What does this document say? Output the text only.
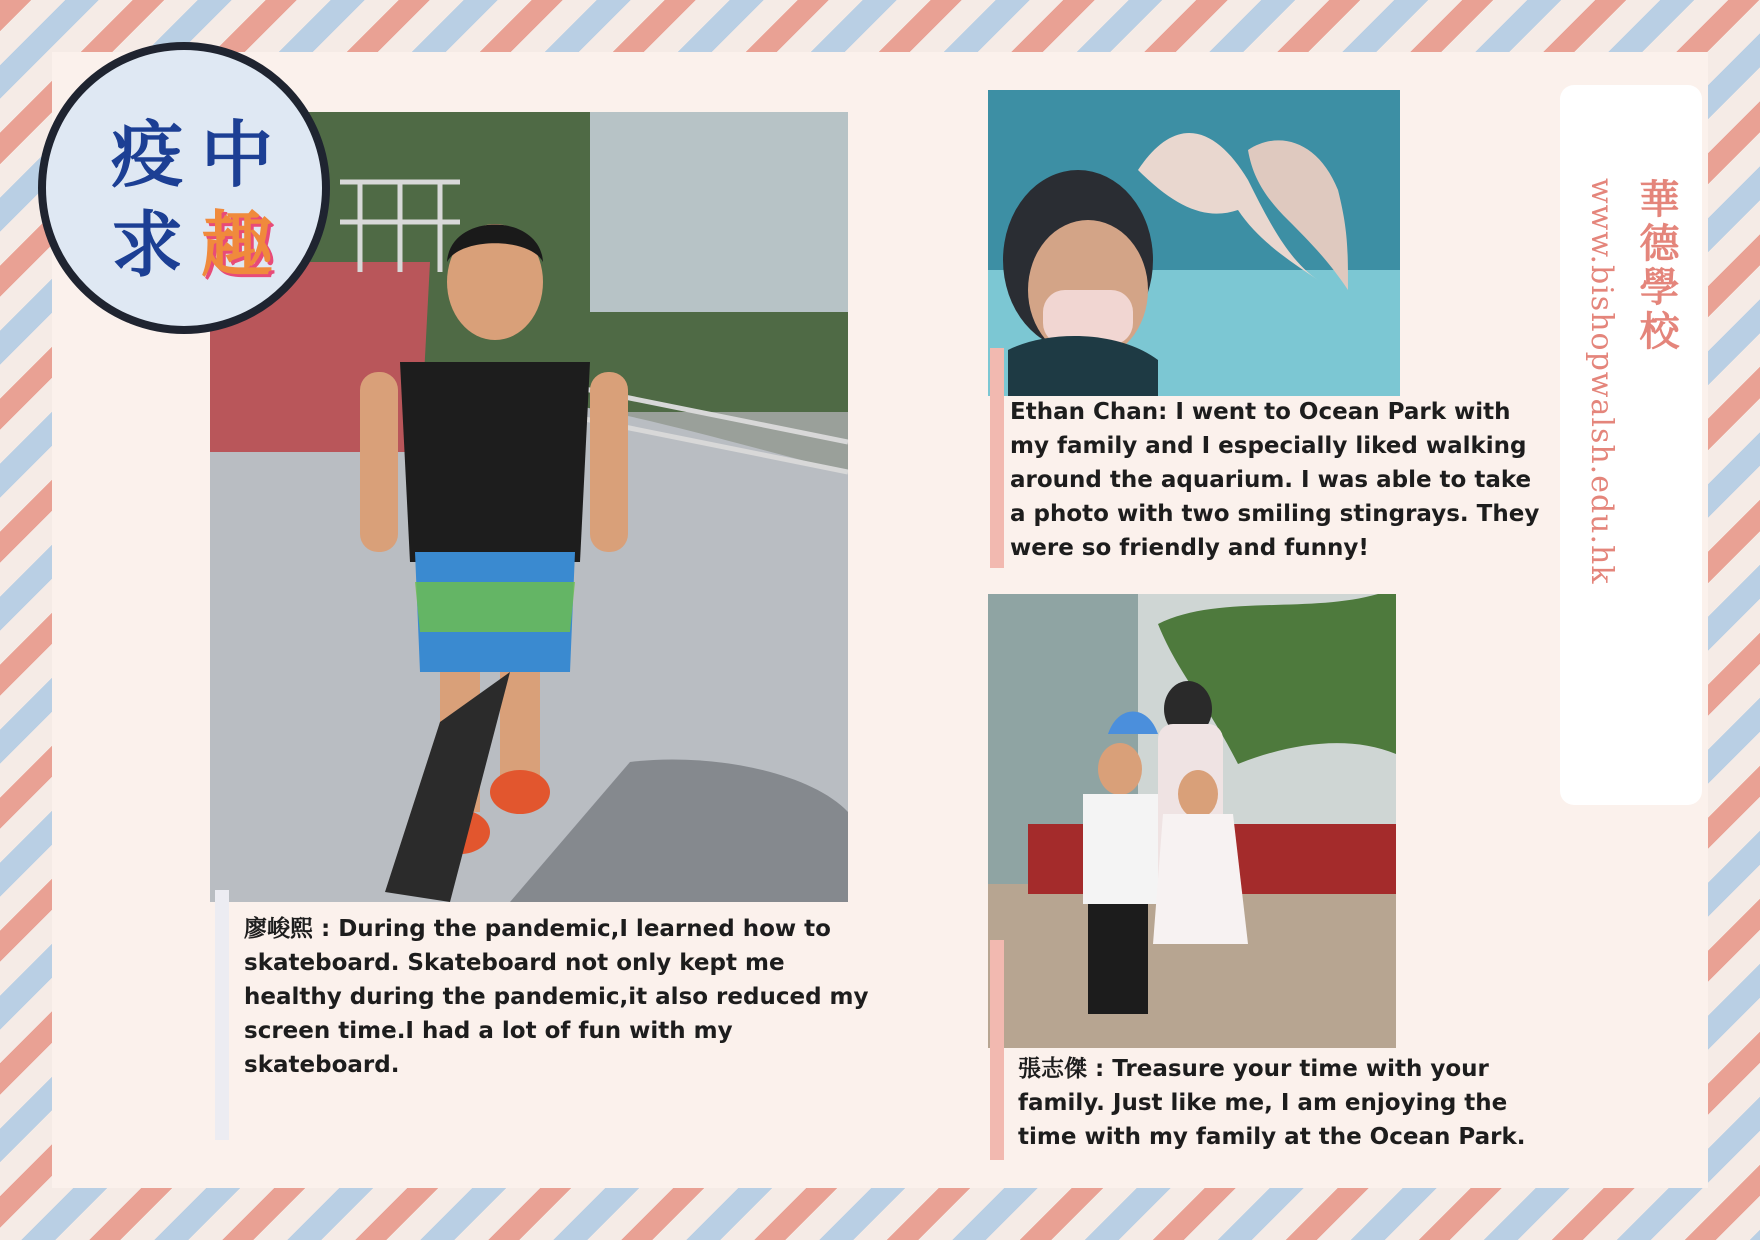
疫 中
求 趣
廖峻熙 : During the pandemic,I learned how to skateboard. Skateboard not only kept me healthy during the pandemic,it also reduced my screen time.I had a lot of fun with my skateboard.
Ethan Chan: I went to Ocean Park with my family and I especially liked walking around the aquarium. I was able to take a photo with two smiling stingrays. They were so friendly and funny!
張志傑 : Treasure your time with your family. Just like me, I am enjoying the time with my family at the Ocean Park.
華德學校
www.bishopwalsh.edu.hk
